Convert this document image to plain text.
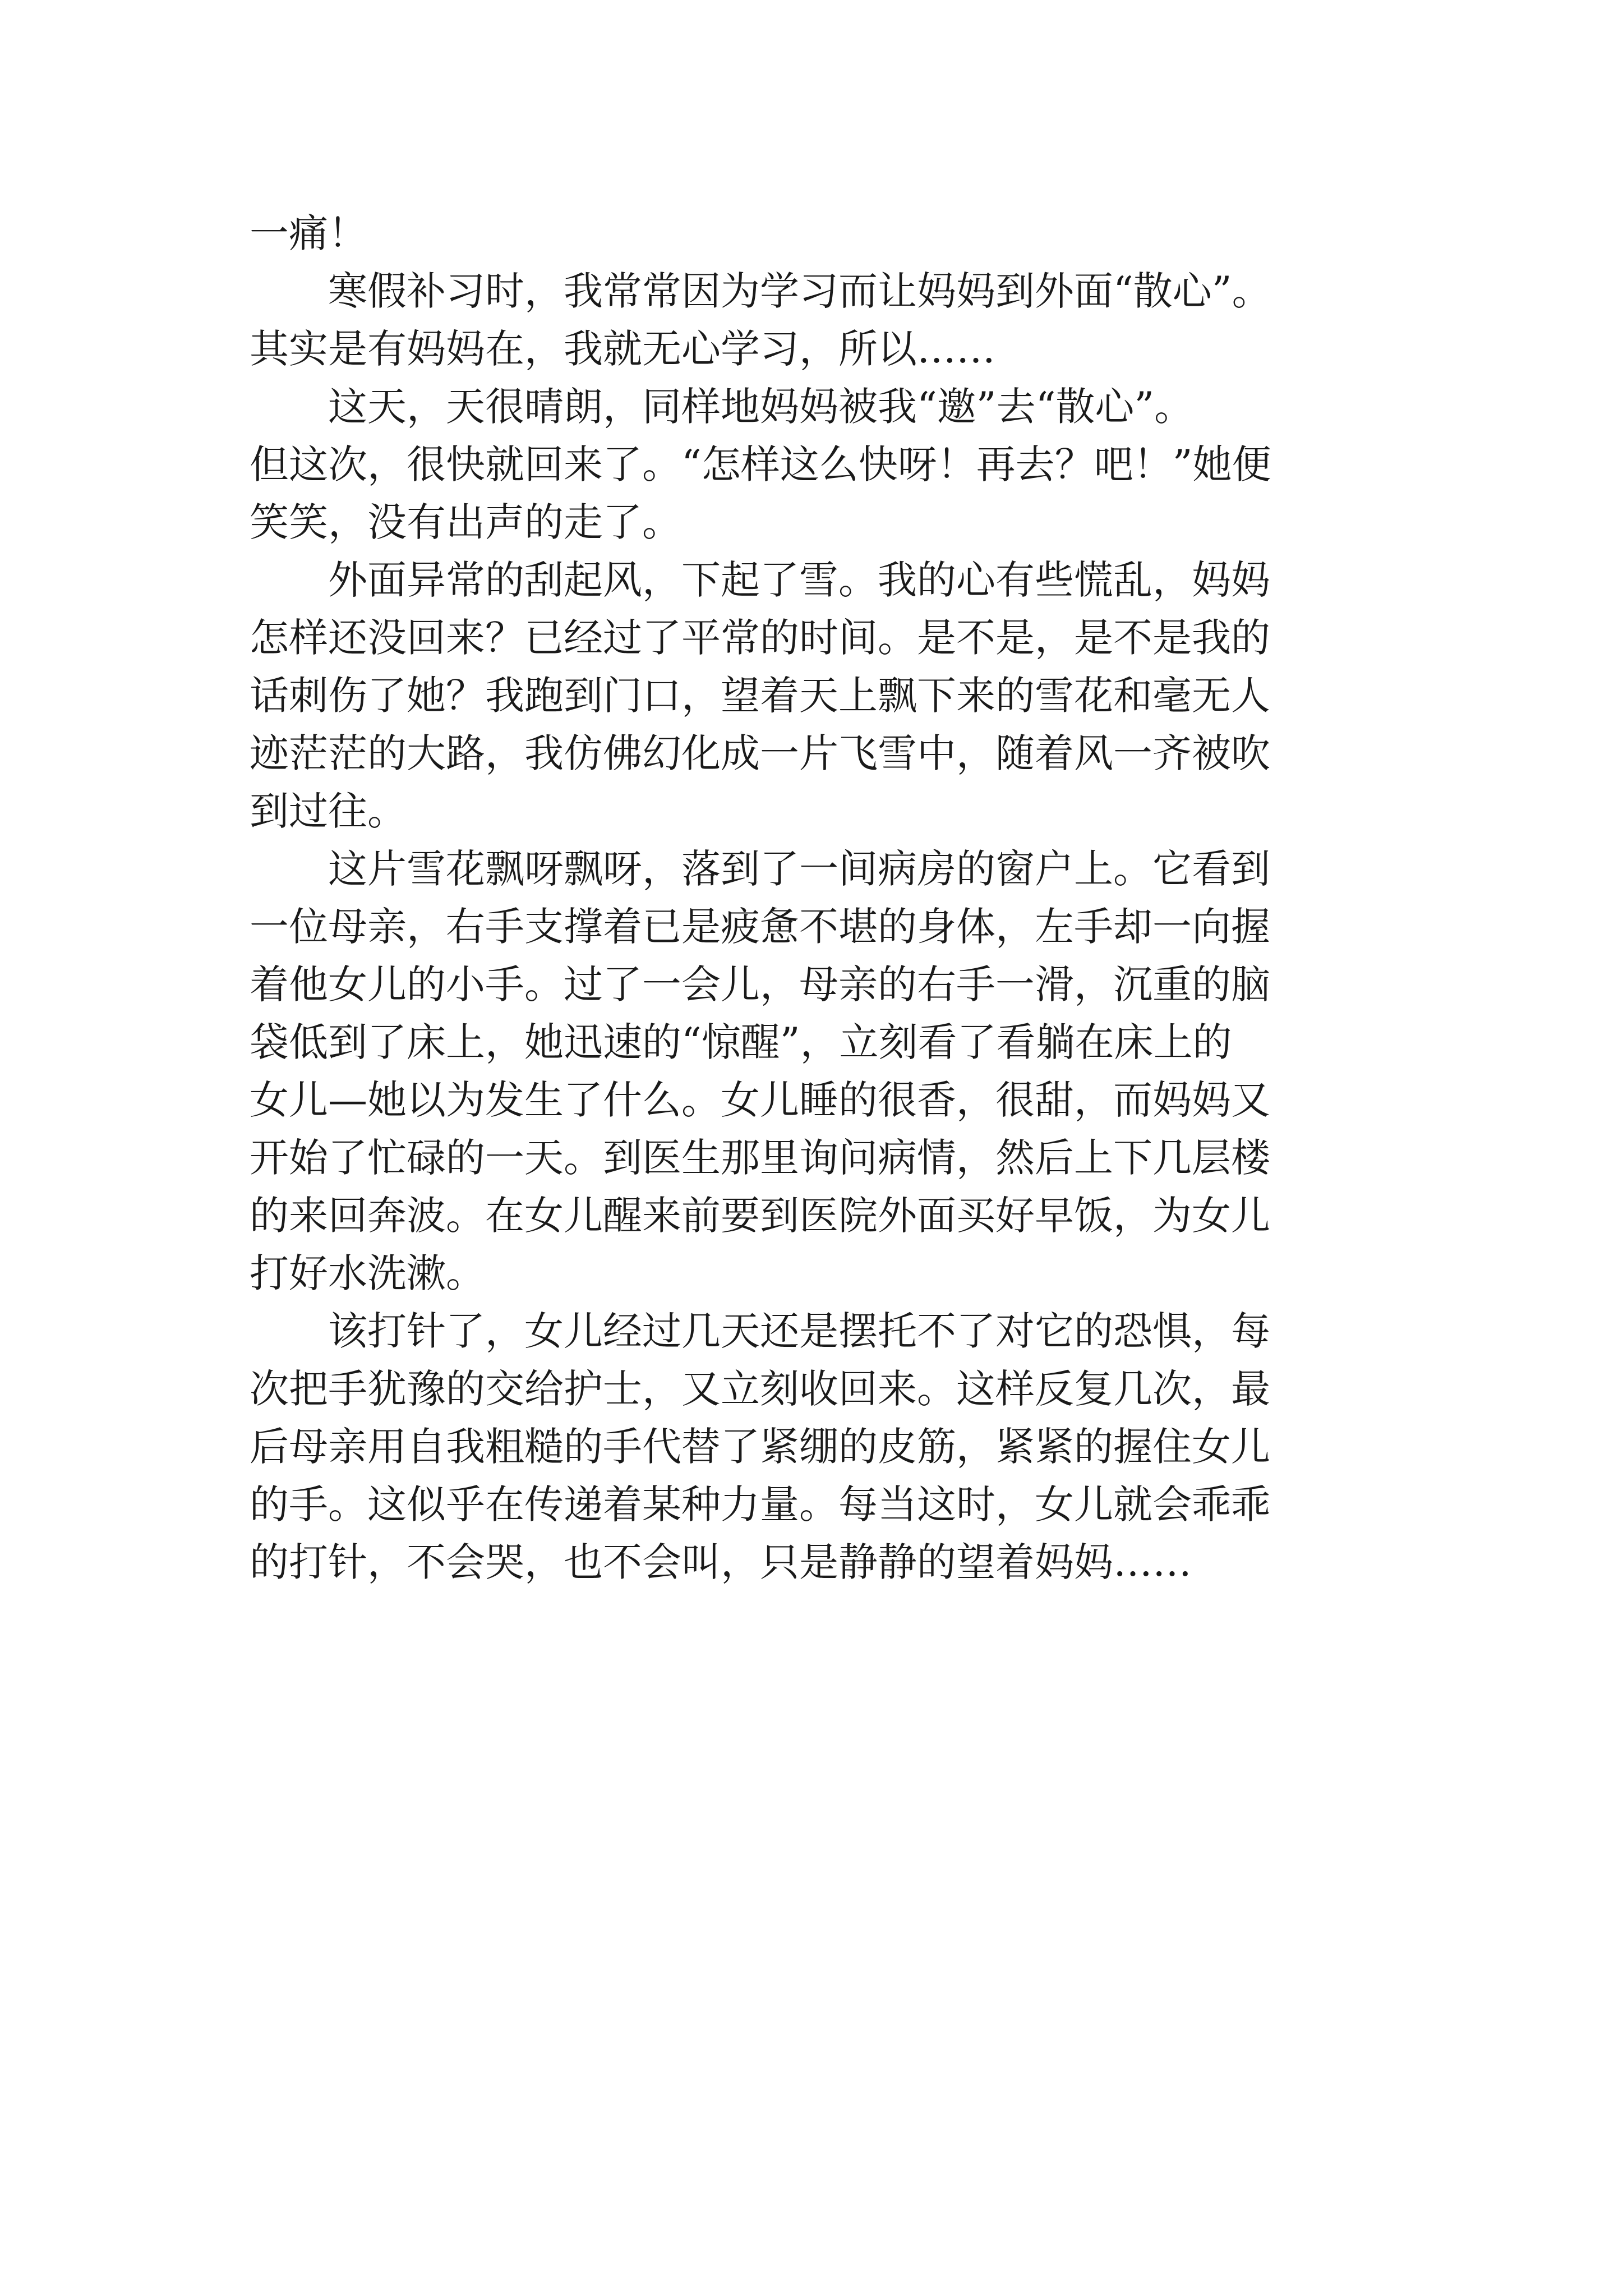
一痛！
　　寒假补习时，我常常因为学习而让妈妈到外面“散心”。
其实是有妈妈在，我就无心学习，所以……
　　这天，天很晴朗，同样地妈妈被我“邀”去“散心”。
但这次，很快就回来了。“怎样这么快呀！再去？吧！”她便
笑笑，没有出声的走了。
　　外面异常的刮起风，下起了雪。我的心有些慌乱，妈妈
怎样还没回来？已经过了平常的时间。是不是，是不是我的
话刺伤了她？我跑到门口，望着天上飘下来的雪花和毫无人
迹茫茫的大路，我仿佛幻化成一片飞雪中，随着风一齐被吹
到过往。
　　这片雪花飘呀飘呀，落到了一间病房的窗户上。它看到
一位母亲，右手支撑着已是疲惫不堪的身体，左手却一向握
着他女儿的小手。过了一会儿，母亲的右手一滑，沉重的脑
袋低到了床上，她迅速的“惊醒”，立刻看了看躺在床上的
女儿—她以为发生了什么。女儿睡的很香，很甜，而妈妈又
开始了忙碌的一天。到医生那里询问病情，然后上下几层楼
的来回奔波。在女儿醒来前要到医院外面买好早饭，为女儿
打好水洗漱。
　　该打针了，女儿经过几天还是摆托不了对它的恐惧，每
次把手犹豫的交给护士，又立刻收回来。这样反复几次，最
后母亲用自我粗糙的手代替了紧绷的皮筋，紧紧的握住女儿
的手。这似乎在传递着某种力量。每当这时，女儿就会乖乖
的打针，不会哭，也不会叫，只是静静的望着妈妈……
